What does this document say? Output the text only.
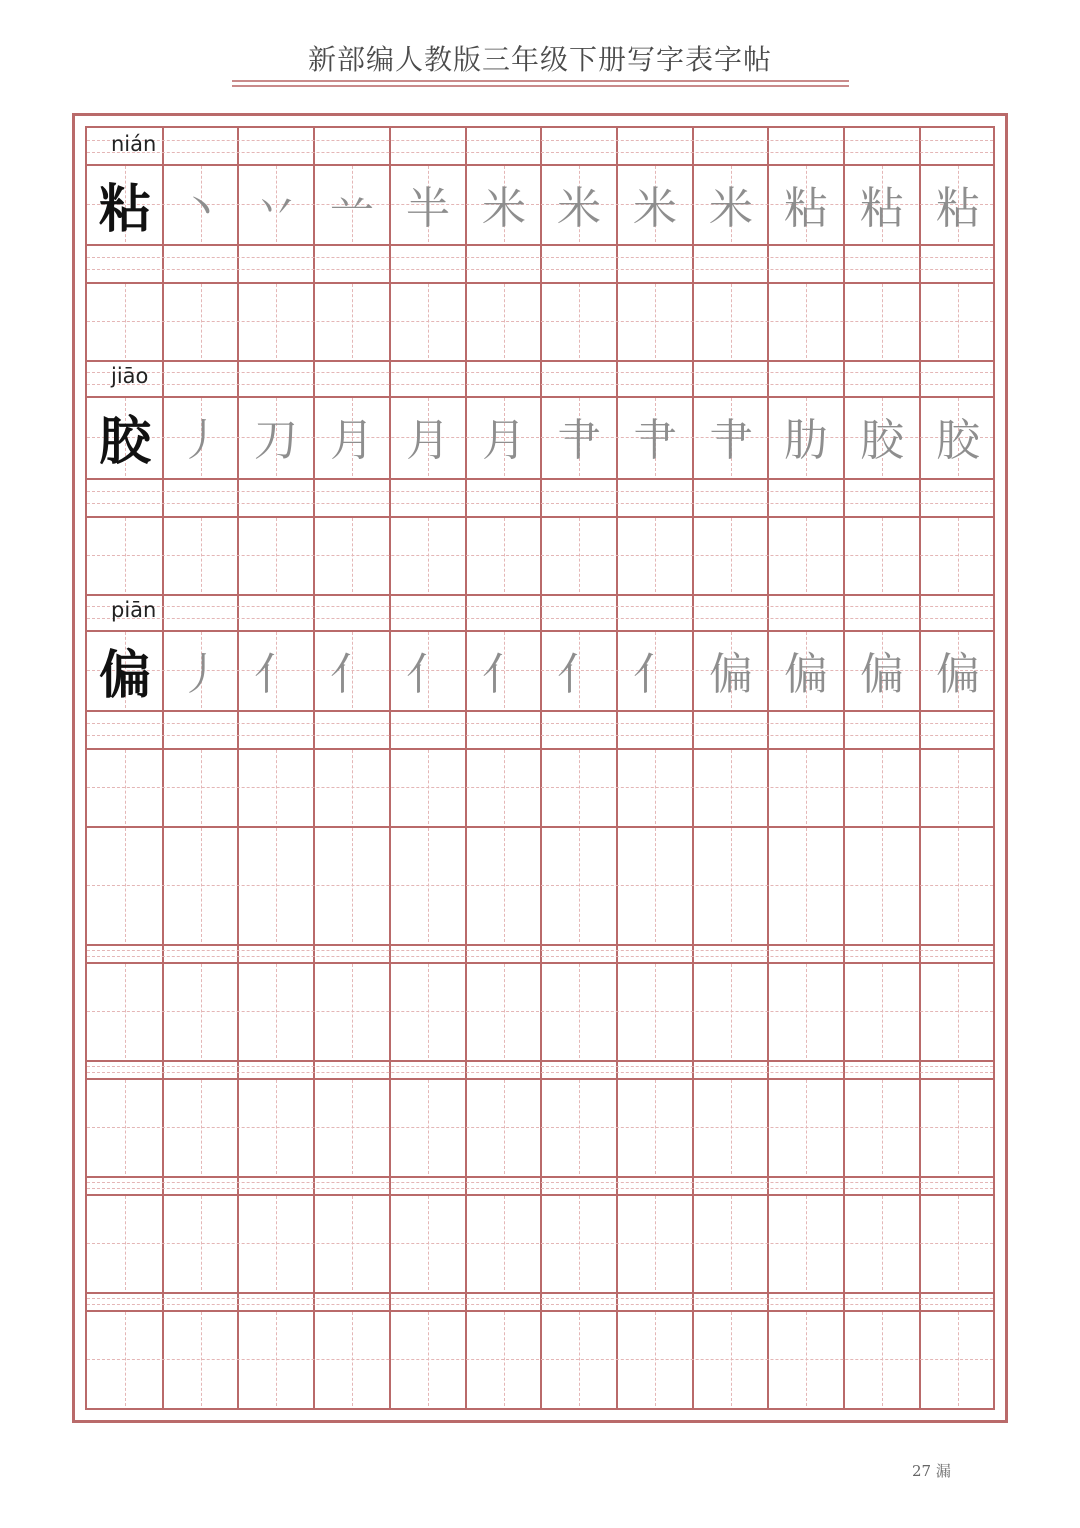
新部编人教版三年级下册写字表字帖
nián
粘 丶 丷 䒑 半 米 米 米 米 粘 粘 粘
jiāo
胶 丿 刀 月 月 月 肀 肀 肀 肋 胶 胶
piān
偏 丿 亻 亻 亻 亻 亻 亻 偏 偏 偏 偏
27 漏
